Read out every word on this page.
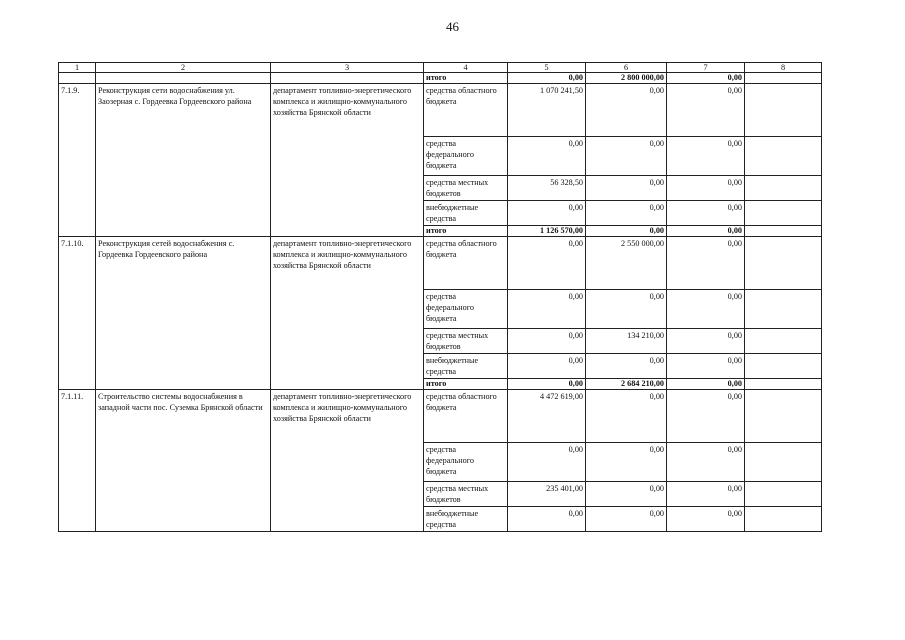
46
1	2	3	4	5	6	7	8
			итого	0,00	2 800 000,00	0,00	
7.1.9.	Реконструкция сети водоснабжения ул. Заозерная с. Гордеевка Гордеевского района	департамент топливно-энергетического комплекса и жилищно-коммунального хозяйства Брянской области	средства областного бюджета	1 070 241,50	0,00	0,00	
			средства федерального бюджета	0,00	0,00	0,00	
			средства местных бюджетов	56 328,50	0,00	0,00	
			внебюджетные средства	0,00	0,00	0,00	
			итого	1 126 570,00	0,00	0,00	
7.1.10.	Реконструкция сетей водоснабжения с. Гордеевка Гордеевского района	департамент топливно-энергетического комплекса и жилищно-коммунального хозяйства Брянской области	средства областного бюджета	0,00	2 550 000,00	0,00	
			средства федерального бюджета	0,00	0,00	0,00	
			средства местных бюджетов	0,00	134 210,00	0,00	
			внебюджетные средства	0,00	0,00	0,00	
			итого	0,00	2 684 210,00	0,00	
7.1.11.	Строительство системы водоснабжения в западной части пос. Суземка Брянской области	департамент топливно-энергетического комплекса и жилищно-коммунального хозяйства Брянской области	средства областного бюджета	4 472 619,00	0,00	0,00	
			средства федерального бюджета	0,00	0,00	0,00	
			средства местных бюджетов	235 401,00	0,00	0,00	
			внебюджетные средства	0,00	0,00	0,00	
